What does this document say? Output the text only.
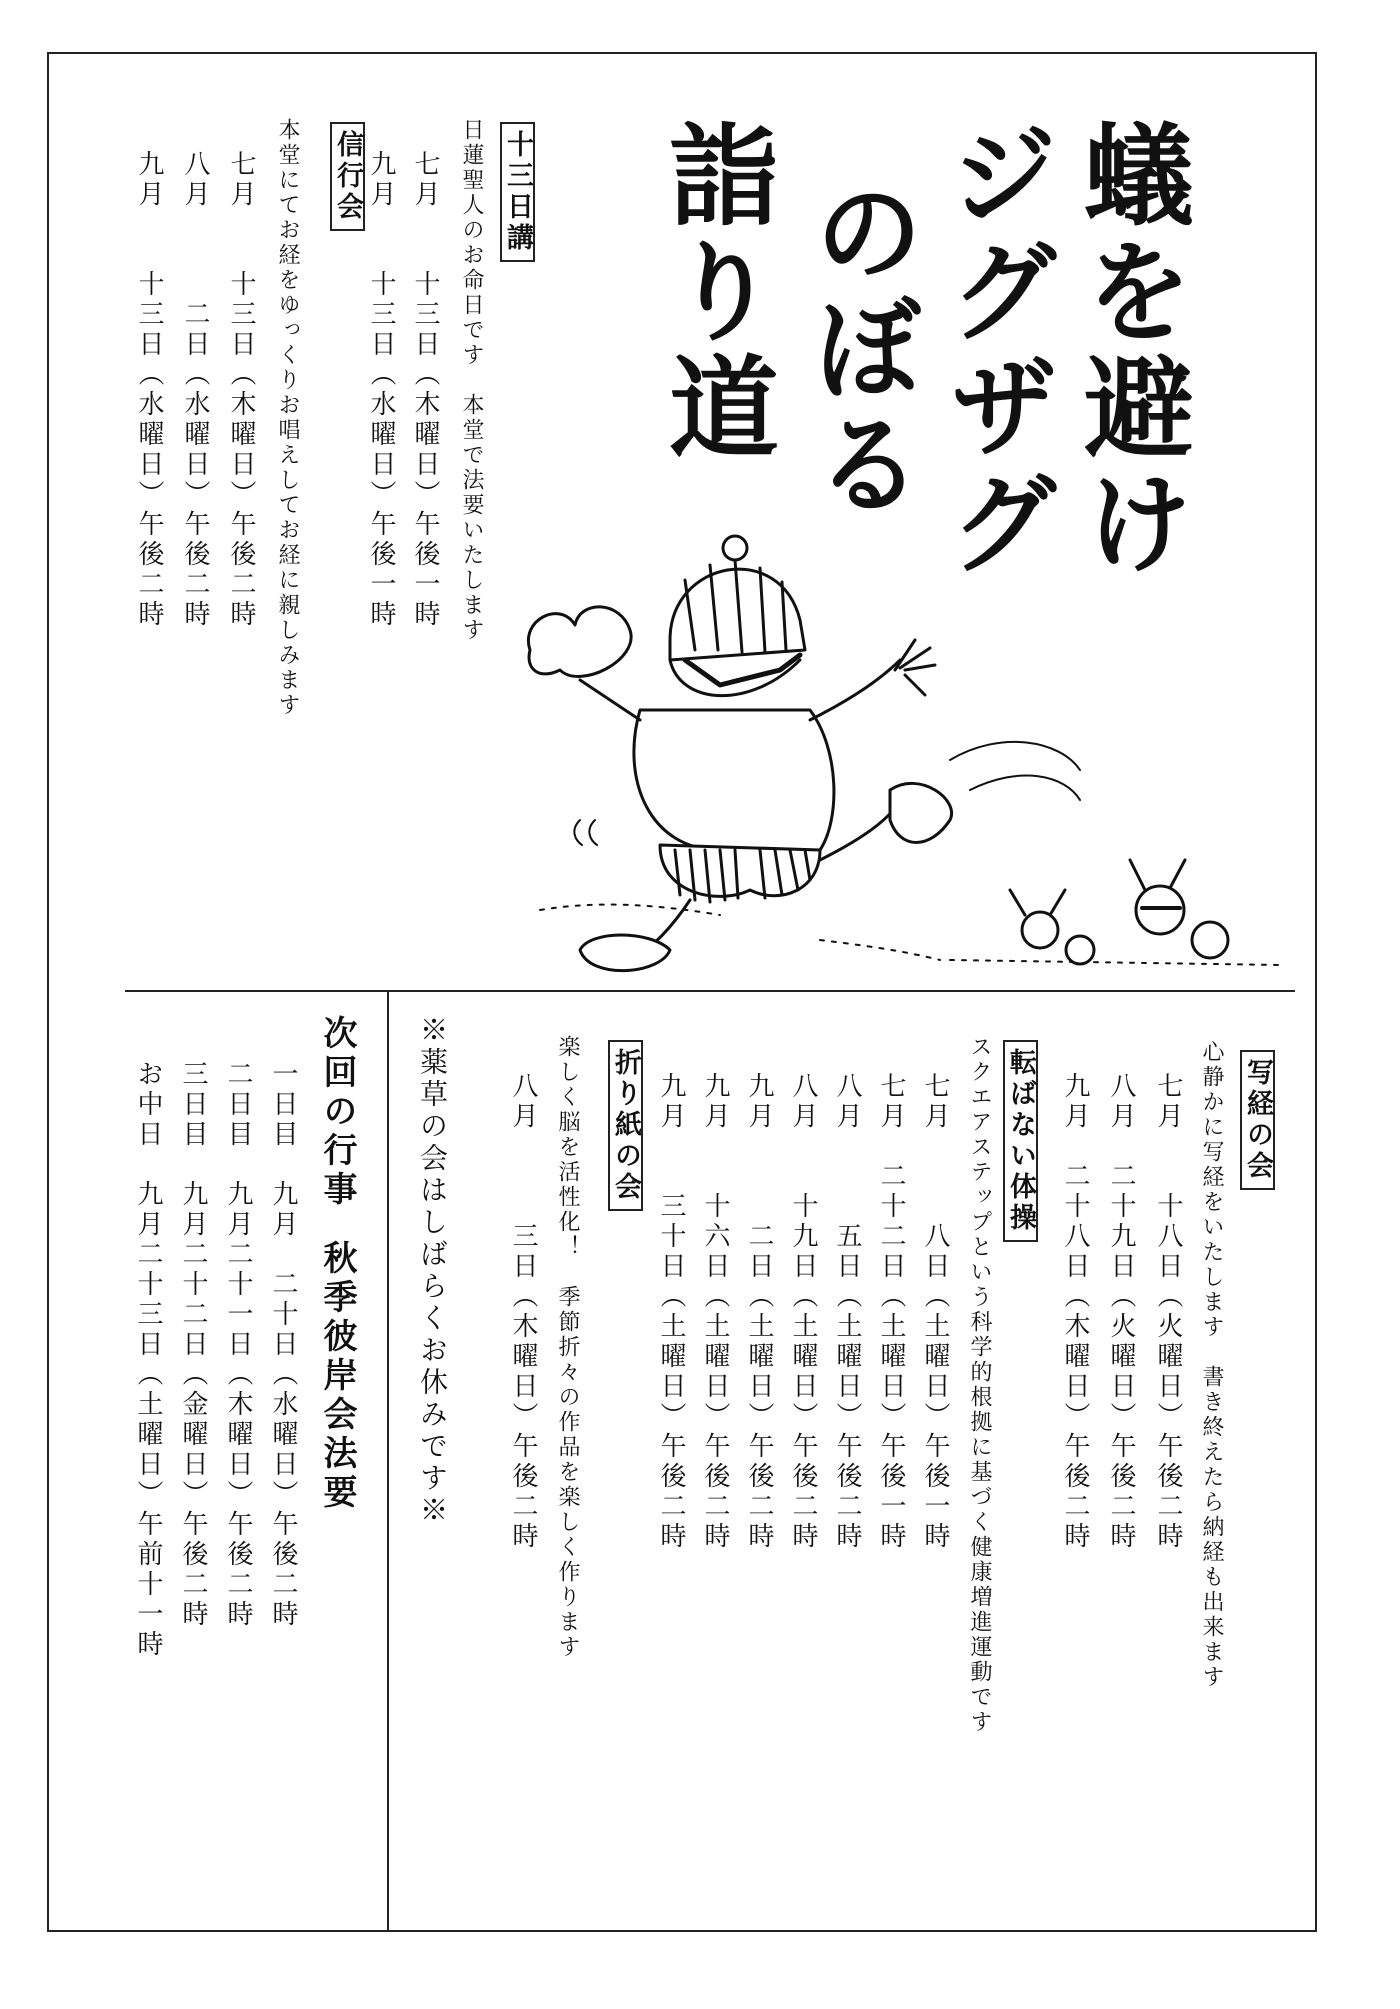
蟻を避け
ジグザグ
のぼる
詣り道
十三日講
日蓮聖人のお命日です　本堂で法要いたします
七月　　十三日（木曜日）午後一時
九月　　十三日（水曜日）午後一時
信行会
本堂にてお経をゆっくりお唱えしてお経に親しみます
七月　　十三日（木曜日）午後二時
八月　　　二日（水曜日）午後二時
九月　　十三日（水曜日）午後二時
写経の会
心静かに写経をいたします　書き終えたら納経も出来ます
七月　　十八日（火曜日）午後二時
八月　二十九日（火曜日）午後二時
九月　二十八日（木曜日）午後二時
転ばない体操
スクエアステップという科学的根拠に基づく健康増進運動です
七月　　　八日（土曜日）午後一時
七月　二十二日（土曜日）午後一時
八月　　　五日（土曜日）午後二時
八月　　十九日（土曜日）午後二時
九月　　　二日（土曜日）午後二時
九月　　十六日（土曜日）午後二時
九月　　三十日（土曜日）午後二時
折り紙の会
楽しく脳を活性化！　季節折々の作品を楽しく作ります
八月　　　三日（木曜日）午後二時
※薬草の会はしばらくお休みです※
次回の行事
秋季彼岸会法要
一日目　九月　二十日（水曜日）午後二時
二日目　九月二十一日（木曜日）午後二時
三日目　九月二十二日（金曜日）午後二時
お中日　九月二十三日（土曜日）午前十一時
